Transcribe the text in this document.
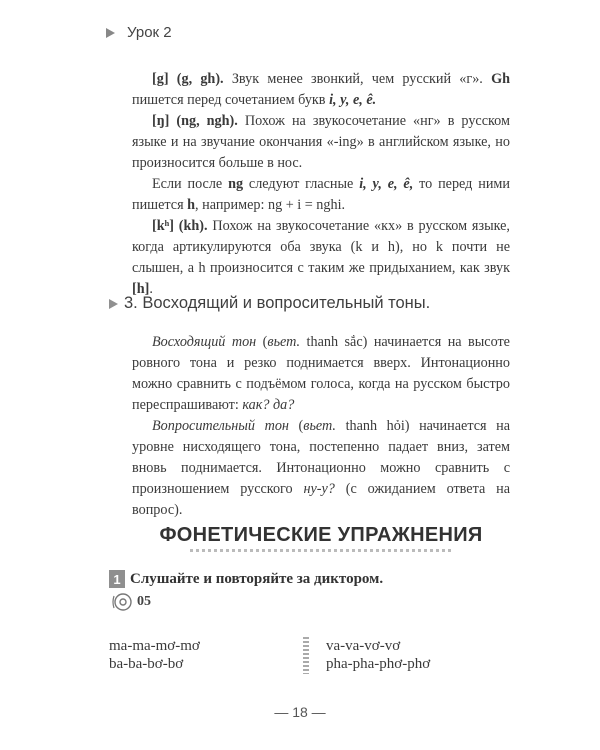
Урок 2

[g] (g, gh). Звук менее звонкий, чем русский «г». Gh пишется перед сочетанием букв i, y, e, ê.

[ŋ] (ng, ngh). Похож на звукосочетание «нг» в русском языке и на звучание окончания «-ing» в английском языке, но произносится больше в нос.

Если после ng следуют гласные i, y, e, ê, то перед ними пишется h, например: ng + i = nghi.

[kʰ] (kh). Похож на звукосочетание «кх» в русском языке, когда артикулируются оба звука (k и h), но k почти не слышен, а h произносится с таким же придыханием, как звук [h].

3. Восходящий и вопросительный тоны.

Восходящий тон (вьет. thanh sắc) начинается на высоте ровного тона и резко поднимается вверх. Интонационно можно сравнить с подъёмом голоса, когда на русском быстро переспрашивают: как? да?

Вопросительный тон (вьет. thanh hỏi) начинается на уровне нисходящего тона, постепенно падает вниз, затем вновь поднимается. Интонационно можно сравнить с произношением русского ну-у? (с ожиданием ответа на вопрос).

ФОНЕТИЧЕСКИЕ УПРАЖНЕНИЯ
1 Слушайте и повторяйте за диктором.
05
ma-ma-mơ-mơ
ba-ba-bơ-bơ
va-va-vơ-vơ
pha-pha-phơ-phơ
— 18 —
